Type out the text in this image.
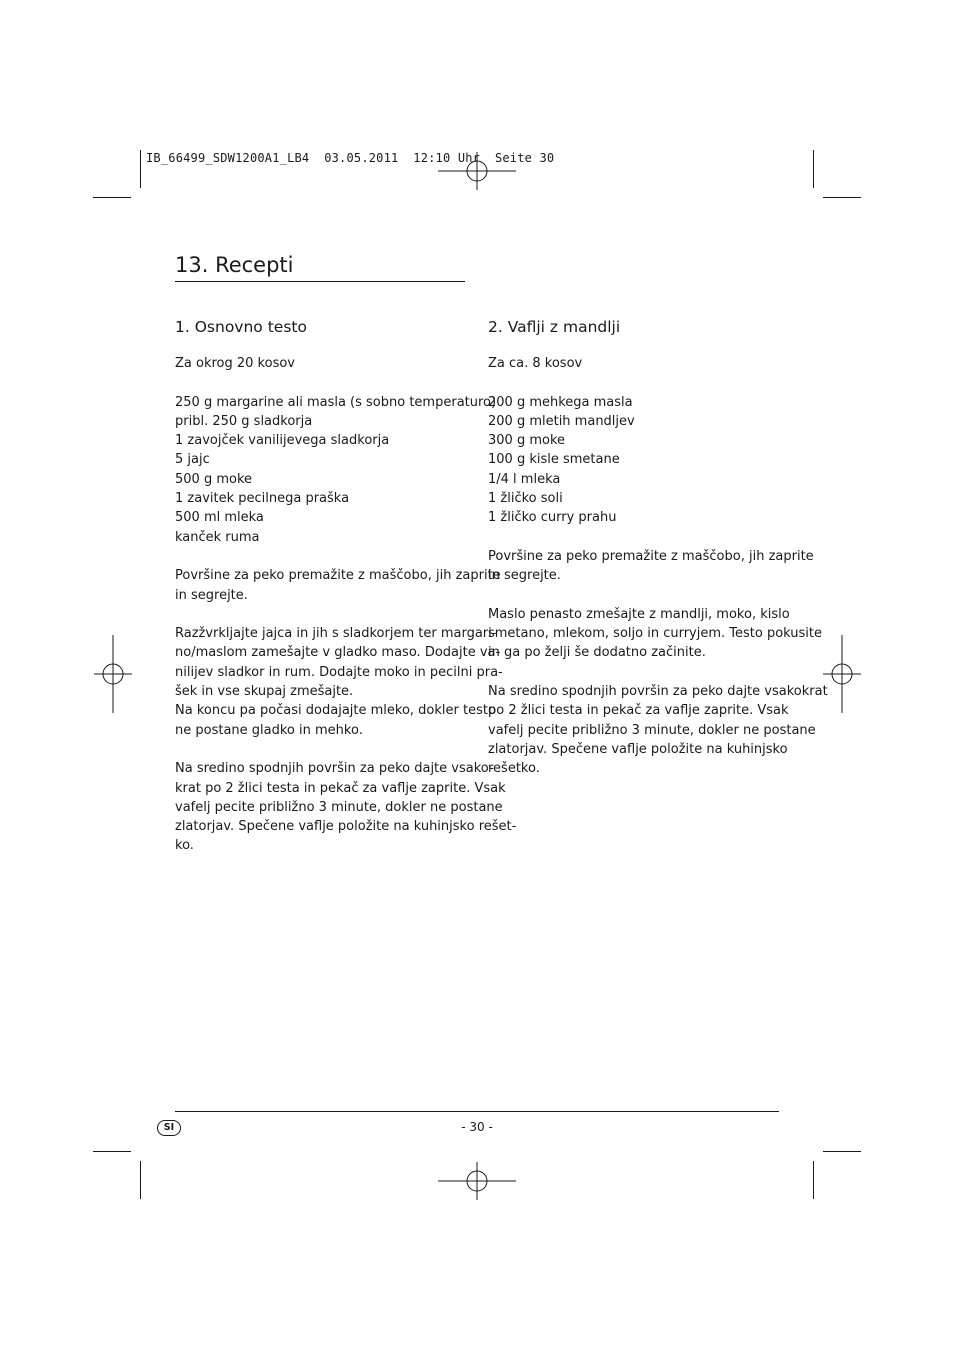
IB_66499_SDW1200A1_LB4  03.05.2011  12:10 Uhr  Seite 30
13. Recepti
1. Osnovno testo
Za okrog 20 kosov
250 g margarine ali masla (s sobno temperaturo)
pribl. 250 g sladkorja
1 zavojček vanilijevega sladkorja
5 jajc
500 g moke
1 zavitek pecilnega praška
500 ml mleka
kanček ruma
Površine za peko premažite z maščobo, jih zaprite
in segrejte.
Razžvrkljajte jajca in jih s sladkorjem ter margari-
no/maslom zamešajte v gladko maso. Dodajte va-
nilijev sladkor in rum. Dodajte moko in pecilni pra-
šek in vse skupaj zmešajte.
Na koncu pa počasi dodajajte mleko, dokler testo
ne postane gladko in mehko.
Na sredino spodnjih površin za peko dajte vsako-
krat po 2 žlici testa in pekač za vaflje zaprite. Vsak
vafelj pecite približno 3 minute, dokler ne postane
zlatorjav. Spečene vaflje položite na kuhinjsko rešet-
ko.
2. Vaflji z mandlji
Za ca. 8 kosov
200 g mehkega masla
200 g mletih mandljev
300 g moke
100 g kisle smetane
1/4 l mleka
1 žličko soli
1 žličko curry prahu
Površine za peko premažite z maščobo, jih zaprite
in segrejte.
Maslo penasto zmešajte z mandlji, moko, kislo
smetano, mlekom, soljo in curryjem. Testo pokusite
in ga po želji še dodatno začinite.
Na sredino spodnjih površin za peko dajte vsakokrat
po 2 žlici testa in pekač za vaflje zaprite. Vsak
vafelj pecite približno 3 minute, dokler ne postane
zlatorjav. Spečene vaflje položite na kuhinjsko
rešetko.
SI	- 30 -
